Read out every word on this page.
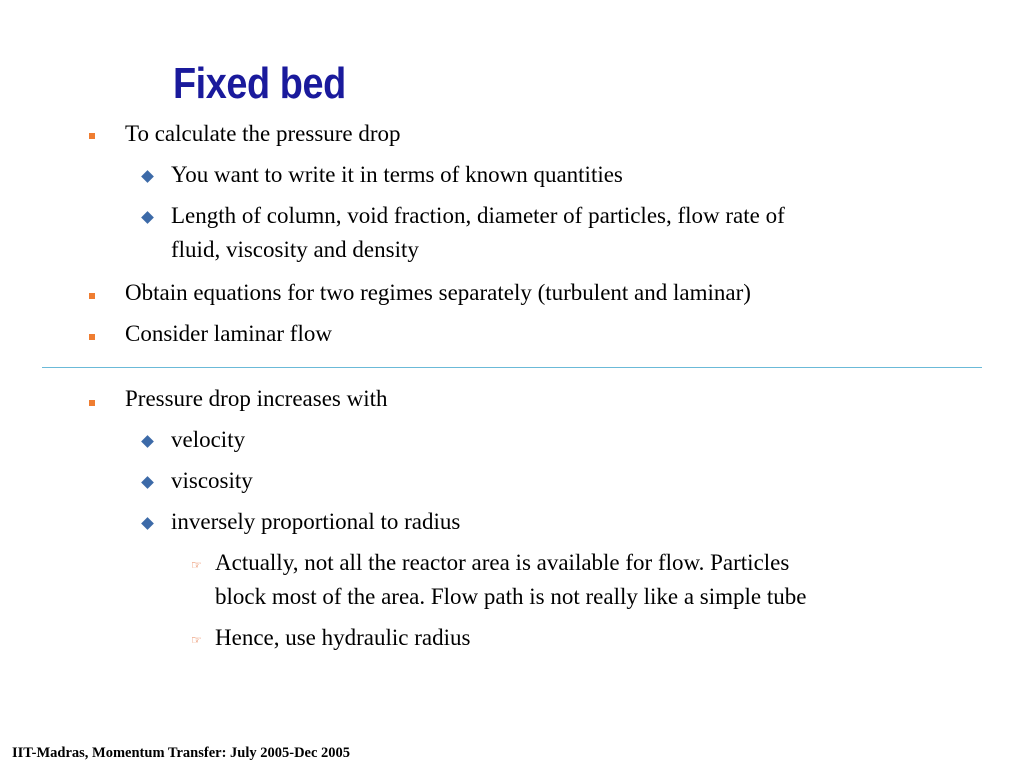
Fixed bed
To calculate the pressure drop
You want to write it in terms of known quantities
Length of column, void fraction, diameter of particles, flow rate of
fluid, viscosity and density
Obtain equations for two regimes separately (turbulent and laminar)
Consider laminar flow
Pressure drop increases with
velocity
viscosity
inversely proportional to radius
☞ Actually, not all the reactor area is available for flow. Particles
block most of the area. Flow path is not really like a simple tube
☞ Hence, use hydraulic radius
IIT-Madras, Momentum Transfer: July 2005-Dec 2005
